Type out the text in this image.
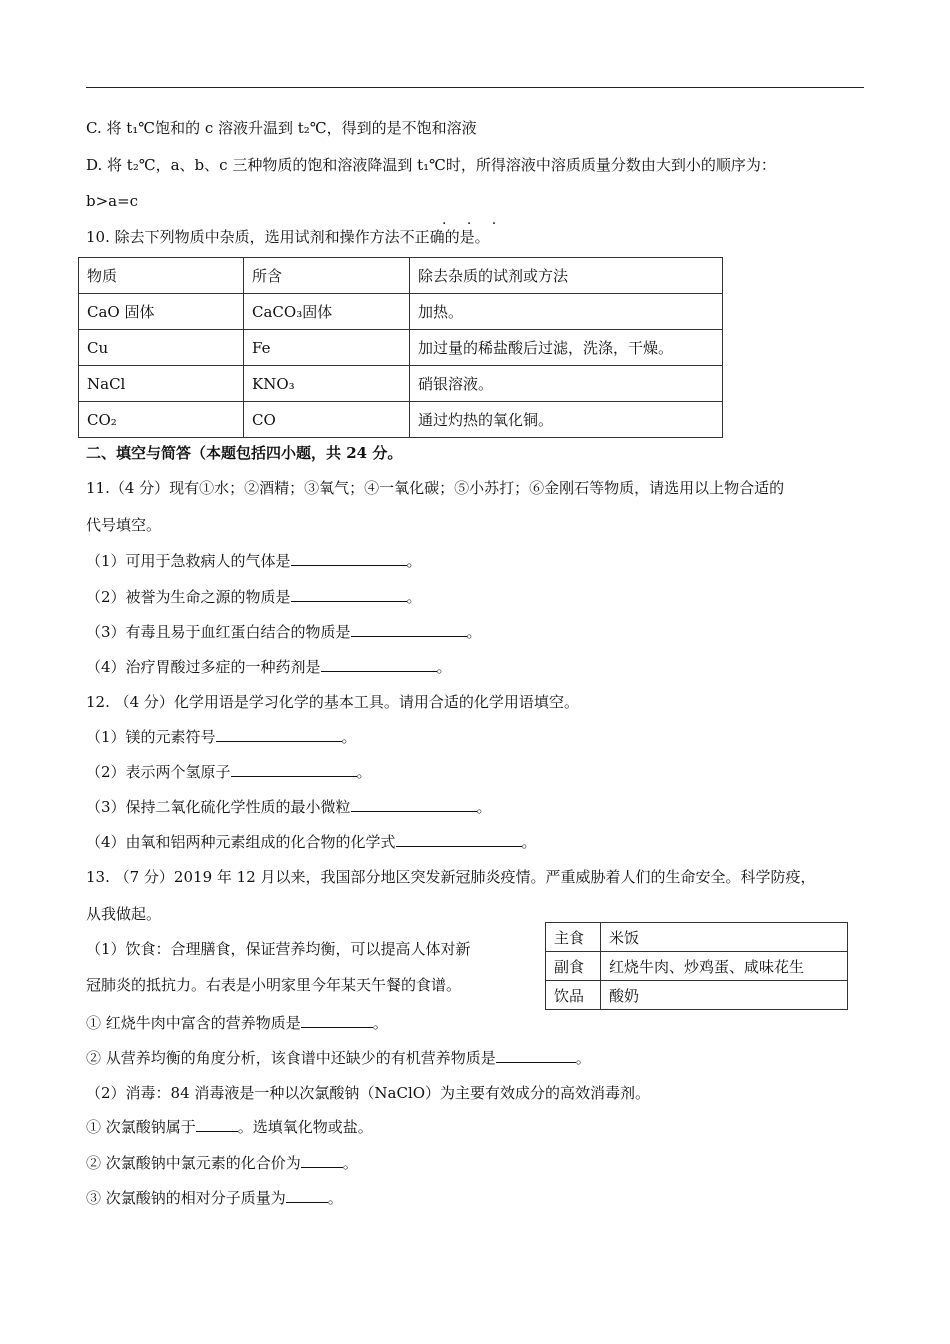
C. 将 t₁℃饱和的 c 溶液升温到 t₂℃，得到的是不饱和溶液
D. 将 t₂℃，a、b、c 三种物质的饱和溶液降温到 t₁℃时，所得溶液中溶质质量分数由大到小的顺序为：
b>a=c
· · ·
10. 除去下列物质中杂质，选用试剂和操作方法不正确的是。
物质	所含	除去杂质的试剂或方法
CaO 固体	CaCO₃固体	加热。
Cu	Fe	加过量的稀盐酸后过滤，洗涤，干燥。
NaCl	KNO₃	硝银溶液。
CO₂	CO	通过灼热的氧化铜。
二、填空与简答（本题包括四小题，共 24 分。
11.（4 分）现有①水；②酒精；③氧气；④一氧化碳；⑤小苏打；⑥金刚石等物质，请选用以上物合适的
代号填空。
（1）可用于急救病人的气体是	。
（2）被誉为生命之源的物质是	。
（3）有毒且易于血红蛋白结合的物质是	。
（4）治疗胃酸过多症的一种药剂是	。
12. （4 分）化学用语是学习化学的基本工具。请用合适的化学用语填空。
（1）镁的元素符号	。
（2）表示两个氢原子	。
（3）保持二氧化硫化学性质的最小微粒	。
（4）由氧和铝两种元素组成的化合物的化学式	。
13. （7 分）2019 年 12 月以来，我国部分地区突发新冠肺炎疫情。严重威胁着人们的生命安全。科学防疫，
从我做起。
（1）饮食：合理膳食，保证营养均衡，可以提高人体对新
冠肺炎的抵抗力。右表是小明家里今年某天午餐的食谱。
主食	米饭
副食	红烧牛肉、炒鸡蛋、咸味花生
饮品	酸奶
① 红烧牛肉中富含的营养物质是	。
② 从营养均衡的角度分析，该食谱中还缺少的有机营养物质是	。
（2）消毒：84 消毒液是一种以次氯酸钠（NaClO）为主要有效成分的高效消毒剂。
① 次氯酸钠属于	。选填氧化物或盐。
② 次氯酸钠中氯元素的化合价为	。
③ 次氯酸钠的相对分子质量为	。
